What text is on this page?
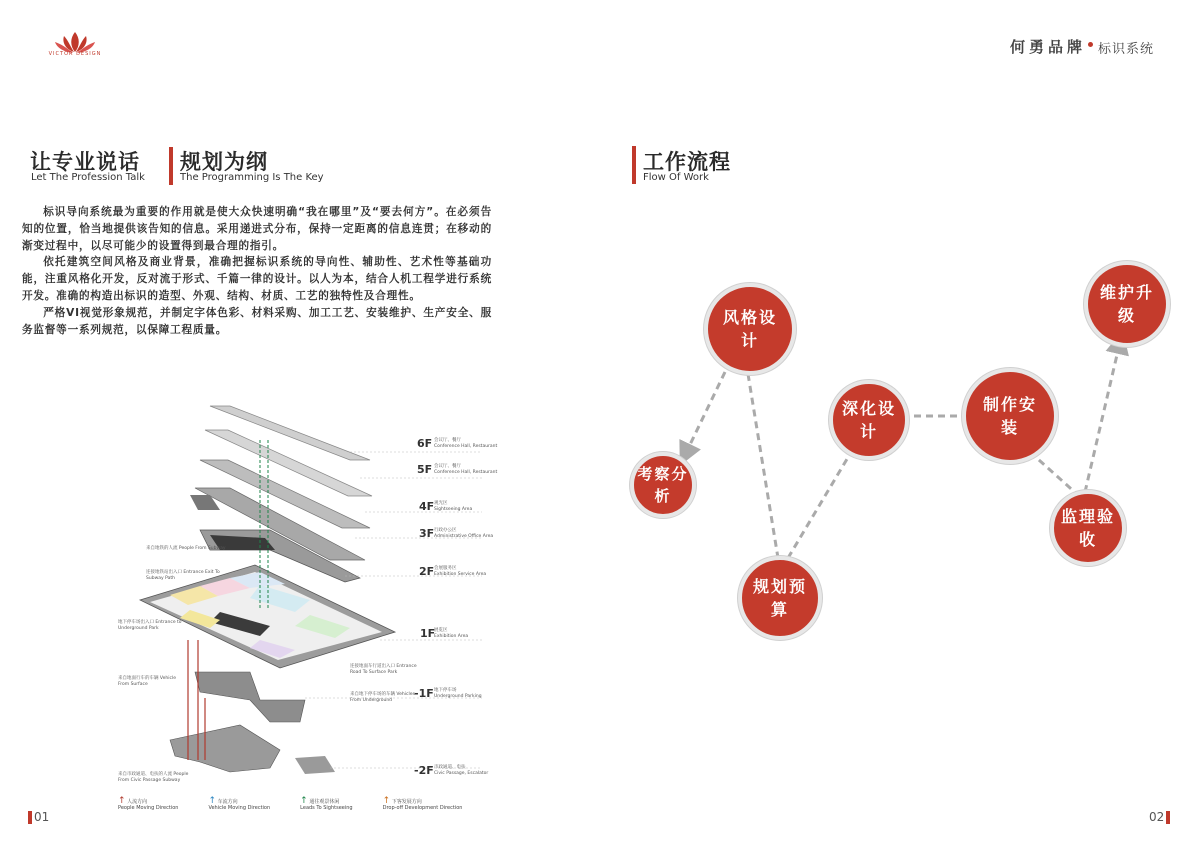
VICTOR DESIGN	何勇品牌 标识系统
让专业说话
Let The Profession Talk
规划为纲
The Programming Is The Key

标识导向系统最为重要的作用就是使大众快速明确“我在哪里”及“要去何方”。在必须告知的位置，恰当地提供该告知的信息。采用递进式分布，保持一定距离的信息连贯；在移动的渐变过程中，以尽可能少的设置得到最合理的指引。

依托建筑空间风格及商业背景，准确把握标识系统的导向性、辅助性、艺术性等基础功能，注重风格化开发，反对流于形式、千篇一律的设计。以人为本，结合人机工程学进行系统开发。准确的构造出标识的造型、外观、结构、材质、工艺的独特性及合理性。

严格VI视觉形象规范，并制定字体色彩、材料采购、加工工艺、安装维护、生产安全、服务监督等一系列规范，以保障工程质量。

6F 会议厅、餐厅
Conference Hall, Restaurant
5F 会议厅、餐厅
Conference Hall, Restaurant
4F 观光区
Sightseeing Area
3F 行政办公区
Administrative Office Area
2F 会展服务区
Exhibition Service Area
1F
展览区
Exhibition Area
-1F 地下停车场
Underground Parking
-2F 市政通道、电扶
Civic Passage, Escalator
来自地铁的人流 People From Subway
连接地铁站出入口 Entrance Exit To Subway Path
地下停车场出入口 Entrance to Underground Park
来自地面行车的车辆 Vehicle From Surface
来自市政通道、电扶的人流 People From Civic Passage Subway
连接地面车行道出入口 Entrance Road To Surface Park
来自地下停车场的车辆 Vehicles From Underground
↑ 人流方向
People Moving Direction
↑ 车流方向
Vehicle Moving Direction
↑ 通往观景休闲
Leads To Sightseeing
↑ 下客发展方向
Drop-off Development Direction
01
工作流程
Flow Of Work
风格设计
考察分析
规划预算
深化设计
制作安装
监理验收
维护升级
02
